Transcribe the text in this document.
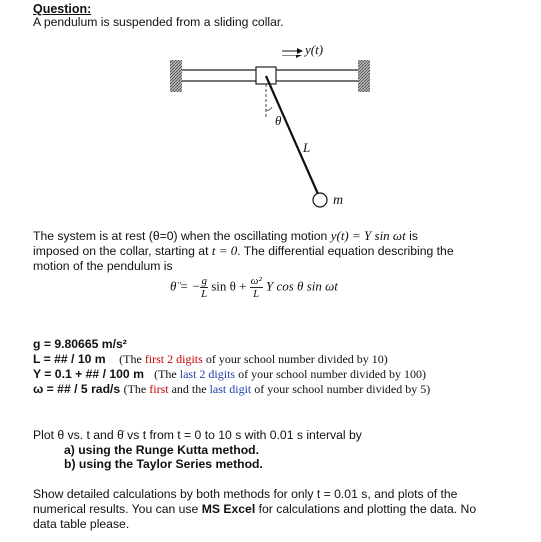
Question:
A pendulum is suspended from a sliding collar.
y(t)
θ
L
m
The system is at rest (θ=0) when the oscillating motion y(t) = Y sin ωt is
imposed on the collar, starting at t = 0. The differential equation describing the
motion of the pendulum is
θ̈ = − $\frac{g}{L}$ $\sin \theta + \frac{\text{ω²}}{L}$ Y cos θ sin ωt
g = 9.80665 m/s²
L = ## / 10 m (The first 2 digits of your school number divided by 10)
Y = 0.1 + ## / 100 m (The last 2 digits of your school number divided by 100)
ω = ## / 5 rad/s (The first and the last digit of your school number divided by 5)
Plot θ vs. t and θ̇ vs t from t = 0 to 10 s with 0.01 s interval by
a) using the Runge Kutta method.
b) using the Taylor Series method.
Show detailed calculations by both methods for only t = 0.01 s, and plots of the
numerical results. You can use MS Excel for calculations and plotting the data. No
data table please.
